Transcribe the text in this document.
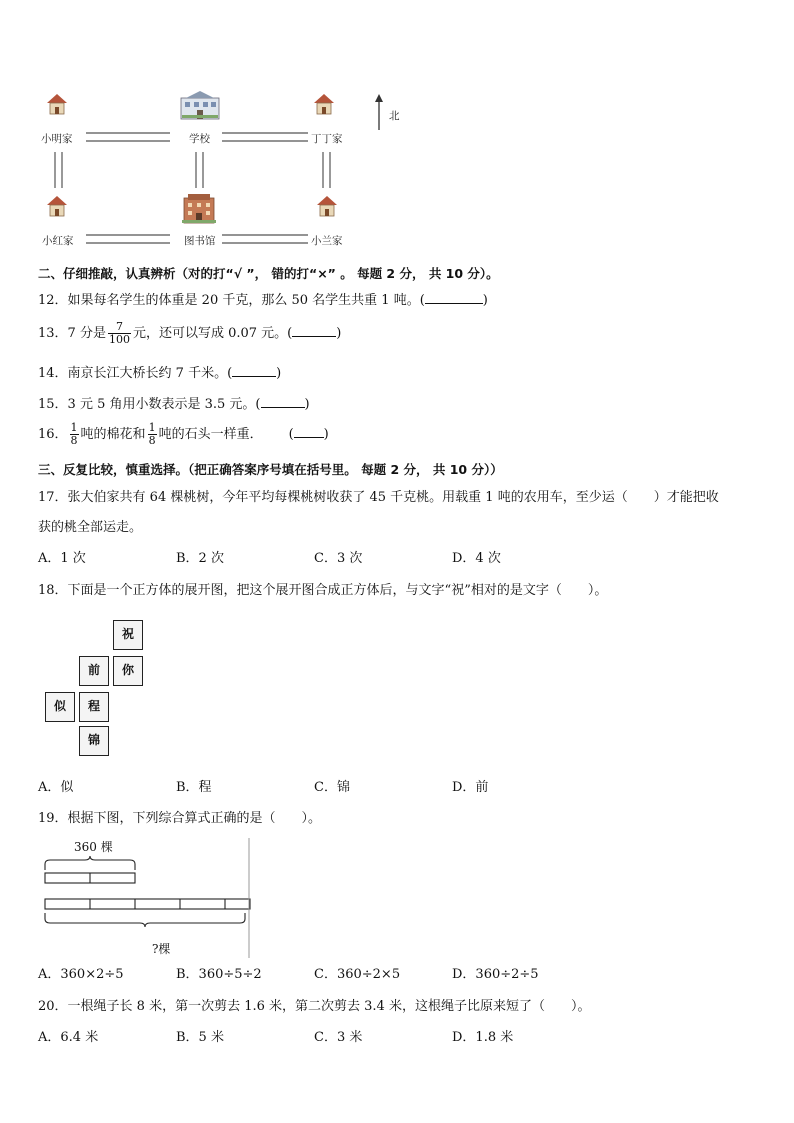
小明家	学校	丁丁家
小红家	图书馆	小兰家
北
二、仔细推敲，认真辨析（对的打“√ ”， 错的打“×” 。 每题 2 分， 共 10 分）。
12．如果每名学生的体重是 20 千克，那么 50 名学生共重 1 吨。(	)
13．7 分是 $\frac{7}{100}$ 元，还可以写成 0.07 元。(	)
14．南京长江大桥长约 7 千米。(	)
15．3 元 5 角用小数表示是 3.5 元。(	)
16． $\frac{1}{8}$ 吨的棉花和 $\frac{1}{8}$ 吨的石头一样重． ( )
三、反复比较，慎重选择。（把正确答案序号填在括号里。 每题 2 分， 共 10 分））
17．张大伯家共有 64 棵桃树，今年平均每棵桃树收获了 45 千克桃。用载重 1 吨的农用车，至少运（　　）才能把收
获的桃全部运走。
A．1 次	B．2 次	C．3 次	D．4 次
18．下面是一个正方体的展开图，把这个展开图合成正方体后，与文字“祝”相对的是文字（　　）。
祝
前	你
似	程
锦
A．似	B．程	C．锦	D．前
19．根据下图，下列综合算式正确的是（　　）。
360 棵
?棵
A．360×2÷5	B．360÷5÷2	C．360÷2×5	D．360÷2÷5
20．一根绳子长 8 米，第一次剪去 1.6 米，第二次剪去 3.4 米，这根绳子比原来短了（　　）。
A．6.4 米	B．5 米	C．3 米	D．1.8 米
